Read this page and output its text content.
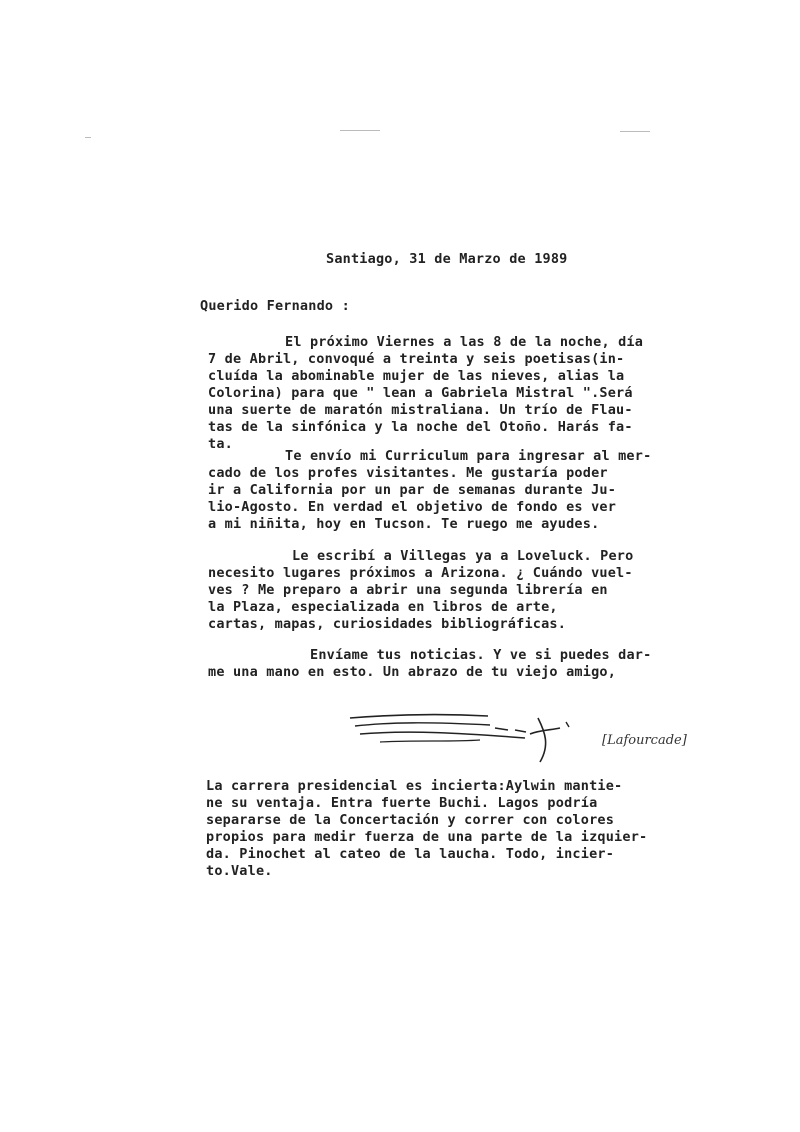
Santiago, 31 de Marzo de 1989
Querido Fernando :
El próximo Viernes a las 8 de la noche, día
7 de Abril, convoqué a treinta y seis poetisas(in-
cluída la abominable mujer de las nieves, alias la
Colorina) para que " lean a Gabriela Mistral ".Será
una suerte de maratón mistraliana. Un trío de Flau-
tas de la sinfónica y la noche del Otoño. Harás fa-
ta.
Te envío mi Curriculum para ingresar al mer-
cado de los profes visitantes. Me gustaría poder
ir a California por un par de semanas durante Ju-
lio-Agosto. En verdad el objetivo de fondo es ver
a mi niñita, hoy en Tucson. Te ruego me ayudes.
Le escribí a Villegas ya a Loveluck. Pero
necesito lugares próximos a Arizona. ¿ Cuándo vuel-
ves ? Me preparo a abrir una segunda librería en
la Plaza, especializada en libros de arte,
cartas, mapas, curiosidades bibliográficas.
Envíame tus noticias. Y ve si puedes dar-
me una mano en esto. Un abrazo de tu viejo amigo,
[Lafourcade]
La carrera presidencial es incierta:Aylwin mantie-
ne su ventaja. Entra fuerte Buchi. Lagos podría
separarse de la Concertación y correr con colores
propios para medir fuerza de una parte de la izquier-
da. Pinochet al cateo de la laucha. Todo, incier-
to.Vale.
